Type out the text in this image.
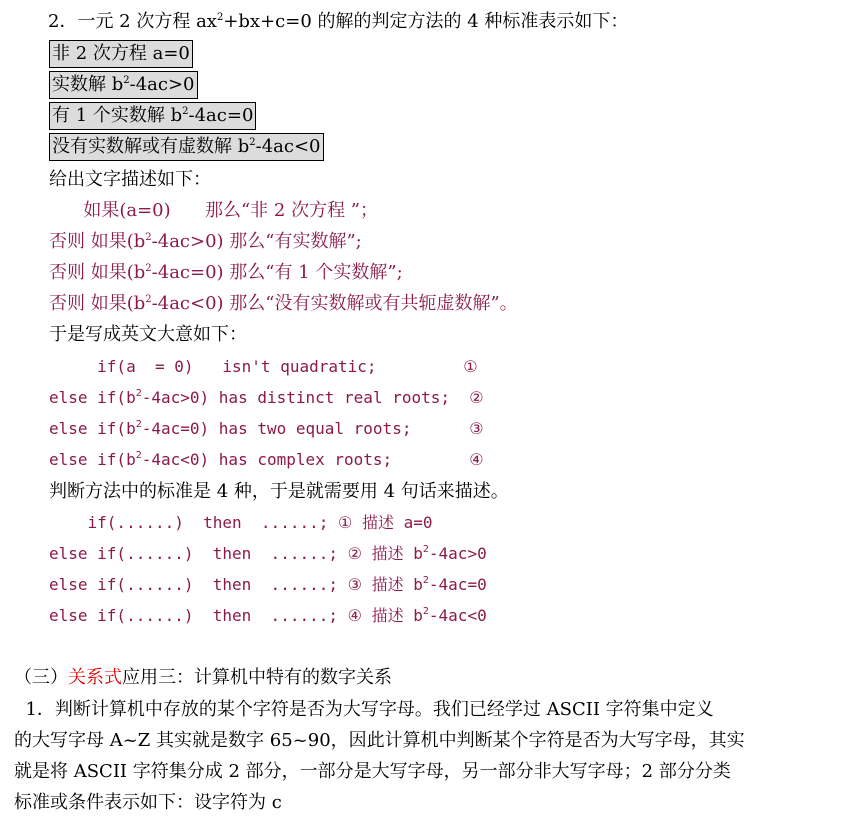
2．一元 2 次方程 $ax^2+bx+c=0$ 的解的判定方法的 4 种标准表示如下：
非 2 次方程 a=0
实数解 $b^2-4ac>0$
有 1 个实数解 $b^2-4ac=0$
没有实数解或有虚数解 $b^2-4ac<0$
给出文字描述如下：
如果(a=0)      那么“非 2 次方程 ”；
否则 如果$(b^2-4ac>0)$ 那么“有实数解”;
否则 如果$(b^2-4ac=0)$ 那么“有 1 个实数解”;
否则 如果$(b^2-4ac<0)$ 那么“没有实数解或有共轭虚数解”。
于是写成英文大意如下：
if(a  = 0)   isn't quadratic;         ①
else $if(b^2-4ac>0)$ has distinct real roots;  ②
else $if(b^2-4ac=0)$ has two equal roots;      ③
else $if(b^2-4ac<0)$ has complex roots;        ④
判断方法中的标准是 4 种，于是就需要用 4 句话来描述。
if(......)  then  ......; ① 描述 a=0
else if(......)  then  ......; ② 描述 $b^2-4ac>0$
else if(......)  then  ......; ③ 描述 $b^2-4ac=0$
else if(......)  then  ......; ④ 描述 $b^2-4ac<0$
（三）关系式应用三：计算机中特有的数字关系
1．判断计算机中存放的某个字符是否为大写字母。我们已经学过 ASCII 字符集中定义
的大写字母 A~Z 其实就是数字 65~90，因此计算机中判断某个字符是否为大写字母，其实
就是将 ASCII 字符集分成 2 部分，一部分是大写字母，另一部分非大写字母；2 部分分类
标准或条件表示如下：设字符为 c
